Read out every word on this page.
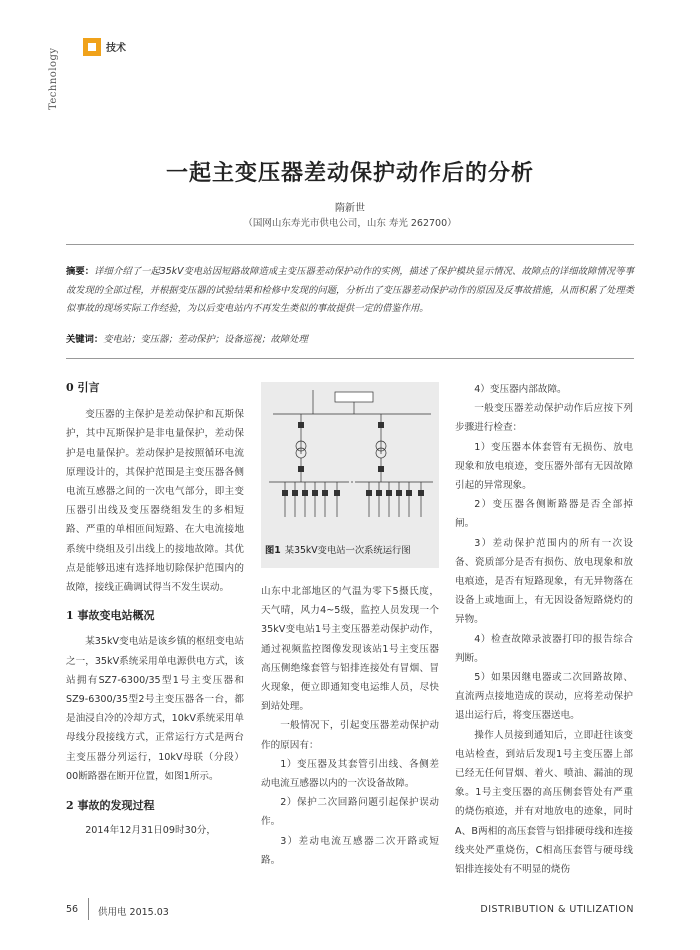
Technology	技术
一起主变压器差动保护动作后的分析
隋新世
（国网山东寿光市供电公司，山东 寿光 262700）
摘要：详细介绍了一起35kV变电站因短路故障造成主变压器差动保护动作的实例，描述了保护模块显示情况、故障点的详细故障情况等事故发现的全部过程，并根据变压器的试验结果和检修中发现的问题，分析出了变压器差动保护动作的原因及反事故措施，从而积累了处理类似事故的现场实际工作经验，为以后变电站内不再发生类似的事故提供一定的借鉴作用。
关键词：变电站；变压器；差动保护；设备巡视；故障处理
0 引言

变压器的主保护是差动保护和瓦斯保护，其中瓦斯保护是非电量保护，差动保护是电量保护。差动保护是按照循环电流原理设计的，其保护范围是主变压器各侧电流互感器之间的一次电气部分，即主变压器引出线及变压器绕组发生的多相短路、严重的单相匝间短路、在大电流接地系统中绕组及引出线上的接地故障。其优点是能够迅速有选择地切除保护范围内的故障，接线正确调试得当不发生误动。

1 事故变电站概况

某35kV变电站是该乡镇的枢纽变电站之一，35kV系统采用单电源供电方式，该站拥有SZ7-6300/35型1号主变压器和SZ9-6300/35型2号主变压器各一台，都是油浸自冷的冷却方式，10kV系统采用单母线分段接线方式，正常运行方式是两台主变压器分列运行，10kV母联（分段）00断路器在断开位置，如图1所示。

2 事故的发现过程

2014年12月31日09时30分，

图1 某35kV变电站一次系统运行图

山东中北部地区的气温为零下5摄氏度，天气晴，风力4~5级，监控人员发现一个35kV变电站1号主变压器差动保护动作，通过视频监控图像发现该站1号主变压器高压侧绝缘套管与铝排连接处有冒烟、冒火现象，便立即通知变电运维人员，尽快到站处理。

一般情况下，引起变压器差动保护动作的原因有：

1）变压器及其套管引出线、各侧差动电流互感器以内的一次设备故障。

2）保护二次回路问题引起保护误动作。

3）差动电流互感器二次开路或短路。

4）变压器内部故障。

一般变压器差动保护动作后应按下列步骤进行检查：

1）变压器本体套管有无损伤、放电现象和放电痕迹，变压器外部有无因故障引起的异常现象。

2）变压器各侧断路器是否全部掉闸。

3）差动保护范围内的所有一次设备、瓷质部分是否有损伤、放电现象和放电痕迹，是否有短路现象，有无异物落在设备上或地面上，有无因设备短路烧灼的异物。

4）检查故障录波器打印的报告综合判断。

5）如果因继电器或二次回路故障、直流两点接地造成的误动，应将差动保护退出运行后，将变压器送电。

操作人员接到通知后，立即赶往该变电站检查，到站后发现1号主变压器上部已经无任何冒烟、着火、喷油、漏油的现象。1号主变压器的高压侧套管处有严重的烧伤痕迹，并有对地放电的迹象，同时A、B两相的高压套管与铝排硬母线和连接线夹处严重烧伤，C相高压套管与硬母线铝排连接处有不明显的烧伤

56 供用电 2015.03	DISTRIBUTION & UTILIZATION
